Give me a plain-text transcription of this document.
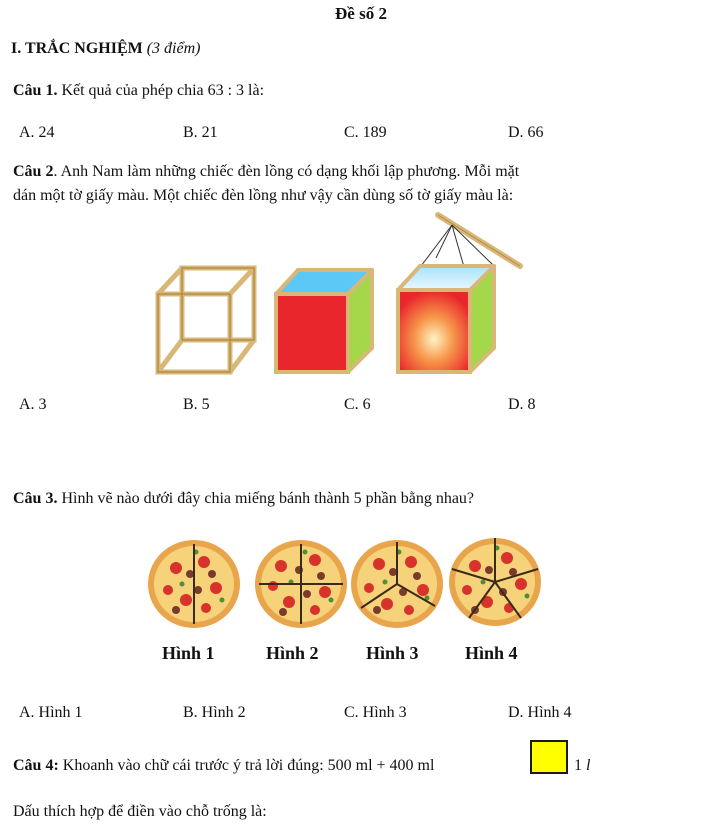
Đề số 2
I. TRẮC NGHIỆM (3 điểm)
Câu 1. Kết quả của phép chia 63 : 3 là:
A. 24	B. 21	C. 189	D. 66
Câu 2. Anh Nam làm những chiếc đèn lồng có dạng khối lập phương. Mỗi mặt
dán một tờ giấy màu. Một chiếc đèn lồng như vậy cần dùng số tờ giấy màu là:
A. 3	B. 5	C. 6	D. 8
Câu 3. Hình vẽ nào dưới đây chia miếng bánh thành 5 phần bằng nhau?
Hình 1	Hình 2	Hình 3	Hình 4
A. Hình 1	B. Hình 2	C. Hình 3	D. Hình 4
Câu 4: Khoanh vào chữ cái trước ý trả lời đúng: 500 ml + 400 ml	1 l
Dấu thích hợp để điền vào chỗ trống là:
